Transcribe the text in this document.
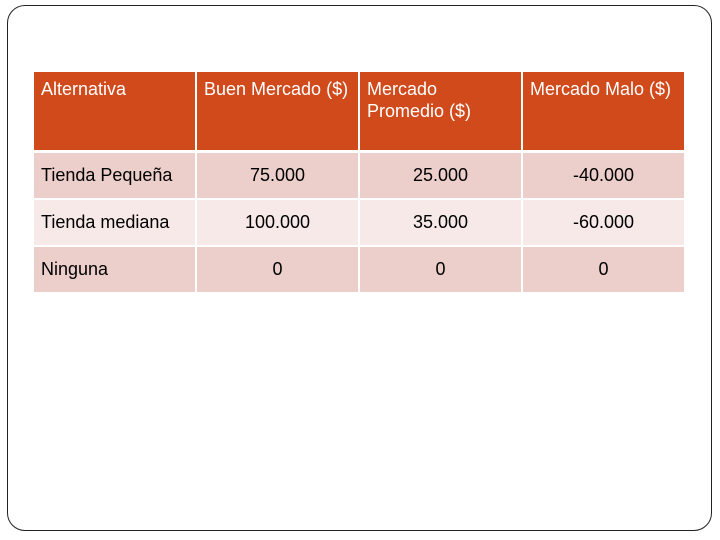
Alternativa	Buen Mercado ($)	Mercado Promedio ($)	Mercado Malo ($)
Tienda Pequeña	75.000	25.000	-40.000
Tienda mediana	100.000	35.000	-60.000
Ninguna	0	0	0
